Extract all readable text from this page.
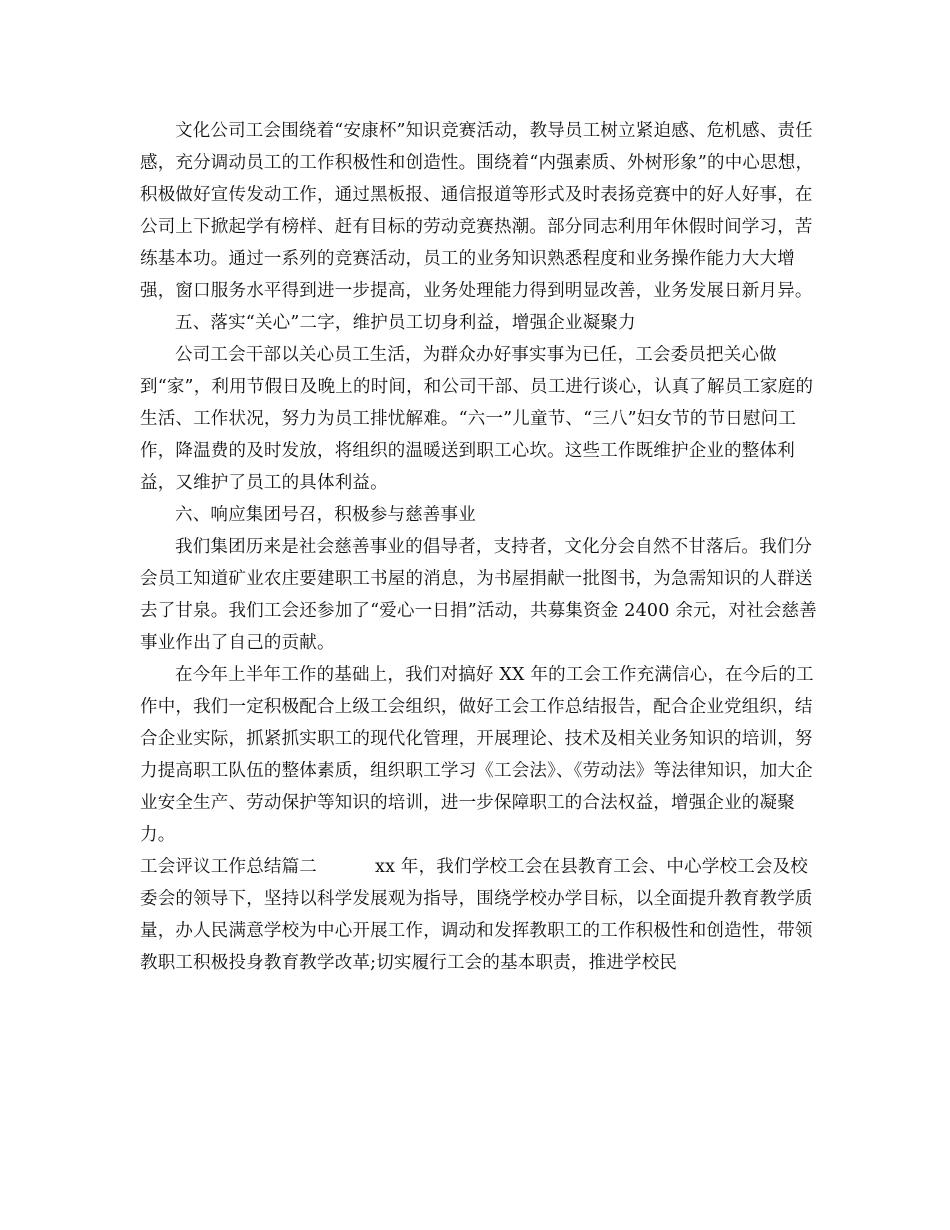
文化公司工会围绕着“安康杯”知识竞赛活动，教导员工树立紧迫感、危机感、责任感，充分调动员工的工作积极性和创造性。围绕着“内强素质、外树形象”的中心思想，积极做好宣传发动工作，通过黑板报、通信报道等形式及时表扬竞赛中的好人好事，在公司上下掀起学有榜样、赶有目标的劳动竞赛热潮。部分同志利用年休假时间学习，苦练基本功。通过一系列的竞赛活动，员工的业务知识熟悉程度和业务操作能力大大增强，窗口服务水平得到进一步提高，业务处理能力得到明显改善，业务发展日新月异。

五、落实“关心”二字，维护员工切身利益，增强企业凝聚力

公司工会干部以关心员工生活，为群众办好事实事为已任，工会委员把关心做到“家”，利用节假日及晚上的时间，和公司干部、员工进行谈心，认真了解员工家庭的生活、工作状况，努力为员工排忧解难。“六一”儿童节、“三八”妇女节的节日慰问工作，降温费的及时发放，将组织的温暖送到职工心坎。这些工作既维护企业的整体利益，又维护了员工的具体利益。

六、响应集团号召，积极参与慈善事业

我们集团历来是社会慈善事业的倡导者，支持者，文化分会自然不甘落后。我们分会员工知道矿业农庄要建职工书屋的消息，为书屋捐献一批图书，为急需知识的人群送去了甘泉。我们工会还参加了“爱心一日捐”活动，共募集资金 2400 余元，对社会慈善事业作出了自己的贡献。

在今年上半年工作的基础上，我们对搞好 XX 年的工会工作充满信心，在今后的工作中，我们一定积极配合上级工会组织，做好工会工作总结报告，配合企业党组织，结合企业实际，抓紧抓实职工的现代化管理，开展理论、技术及相关业务知识的培训，努力提高职工队伍的整体素质，组织职工学习《工会法》、《劳动法》等法律知识，加大企业安全生产、劳动保护等知识的培训，进一步保障职工的合法权益，增强企业的凝聚力。

工会评议工作总结篇二	xx 年，我们学校工会在县教育工会、中心学校工会及校委会的领导下，坚持以科学发展观为指导，围绕学校办学目标，以全面提升教育教学质量，办人民满意学校为中心开展工作，调动和发挥教职工的工作积极性和创造性，带领教职工积极投身教育教学改革;切实履行工会的基本职责，推进学校民
